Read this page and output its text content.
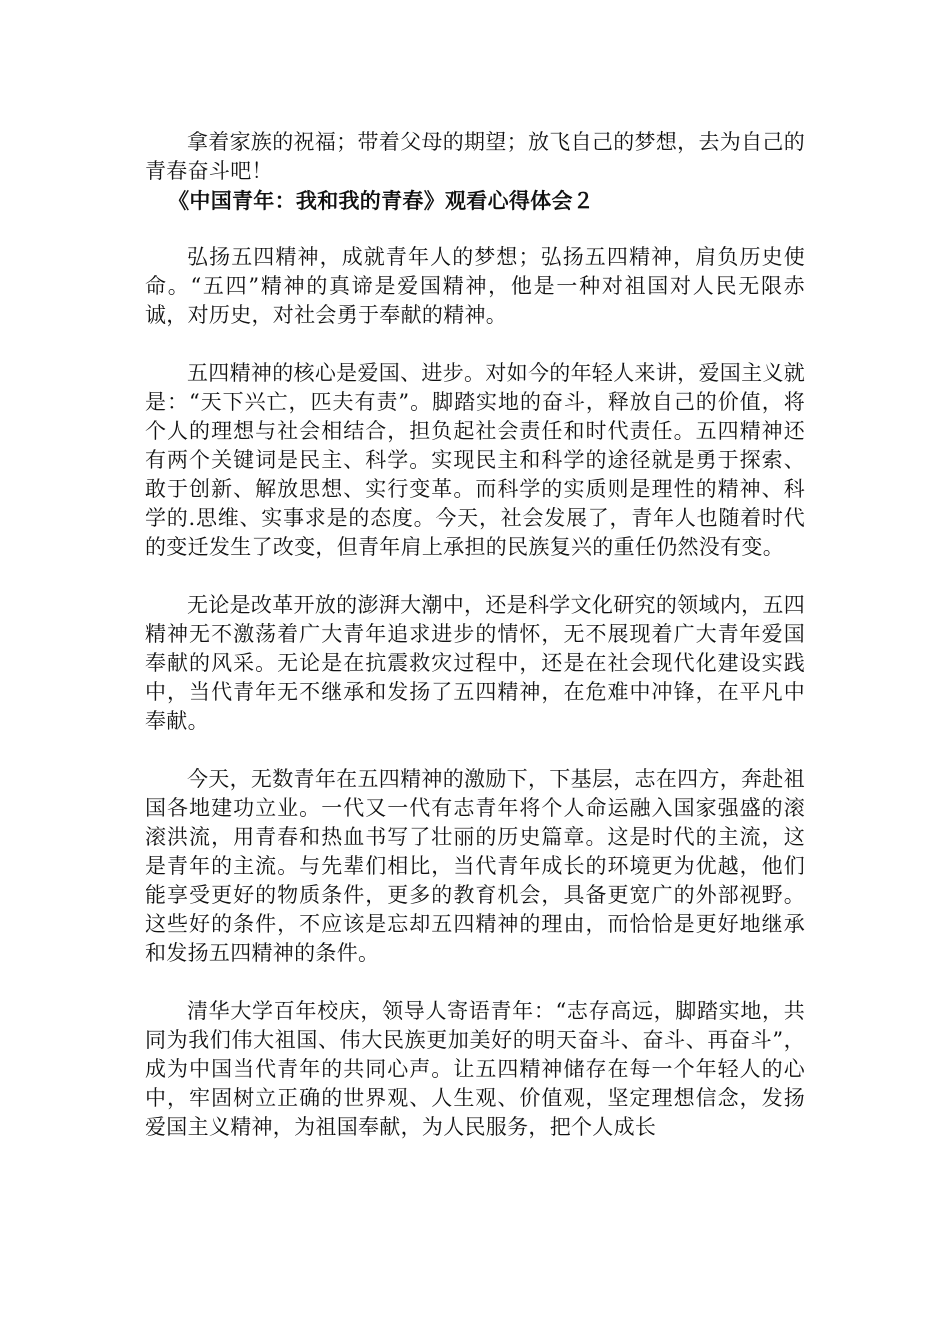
拿着家族的祝福；带着父母的期望；放飞自己的梦想，去为自己的青春奋斗吧！

《中国青年：我和我的青春》观看心得体会２

弘扬五四精神，成就青年人的梦想；弘扬五四精神，肩负历史使命。“五四”精神的真谛是爱国精神，他是一种对祖国对人民无限赤诚，对历史，对社会勇于奉献的精神。

五四精神的核心是爱国、进步。对如今的年轻人来讲，爱国主义就是：“天下兴亡，匹夫有责”。脚踏实地的奋斗，释放自己的价值，将个人的理想与社会相结合，担负起社会责任和时代责任。五四精神还有两个关键词是民主、科学。实现民主和科学的途径就是勇于探索、敢于创新、解放思想、实行变革。而科学的实质则是理性的精神、科学的.思维、实事求是的态度。今天，社会发展了，青年人也随着时代的变迁发生了改变，但青年肩上承担的民族复兴的重任仍然没有变。

无论是改革开放的澎湃大潮中，还是科学文化研究的领域内，五四精神无不激荡着广大青年追求进步的情怀，无不展现着广大青年爱国奉献的风采。无论是在抗震救灾过程中，还是在社会现代化建设实践中，当代青年无不继承和发扬了五四精神，在危难中冲锋，在平凡中奉献。

今天，无数青年在五四精神的激励下，下基层，志在四方，奔赴祖国各地建功立业。一代又一代有志青年将个人命运融入国家强盛的滚滚洪流，用青春和热血书写了壮丽的历史篇章。这是时代的主流，这是青年的主流。与先辈们相比，当代青年成长的环境更为优越，他们能享受更好的物质条件，更多的教育机会，具备更宽广的外部视野。这些好的条件，不应该是忘却五四精神的理由，而恰恰是更好地继承和发扬五四精神的条件。

清华大学百年校庆，领导人寄语青年：“志存高远，脚踏实地，共同为我们伟大祖国、伟大民族更加美好的明天奋斗、奋斗、再奋斗”，成为中国当代青年的共同心声。让五四精神储存在每一个年轻人的心中，牢固树立正确的世界观、人生观、价值观，坚定理想信念，发扬爱国主义精神，为祖国奉献，为人民服务，把个人成长
